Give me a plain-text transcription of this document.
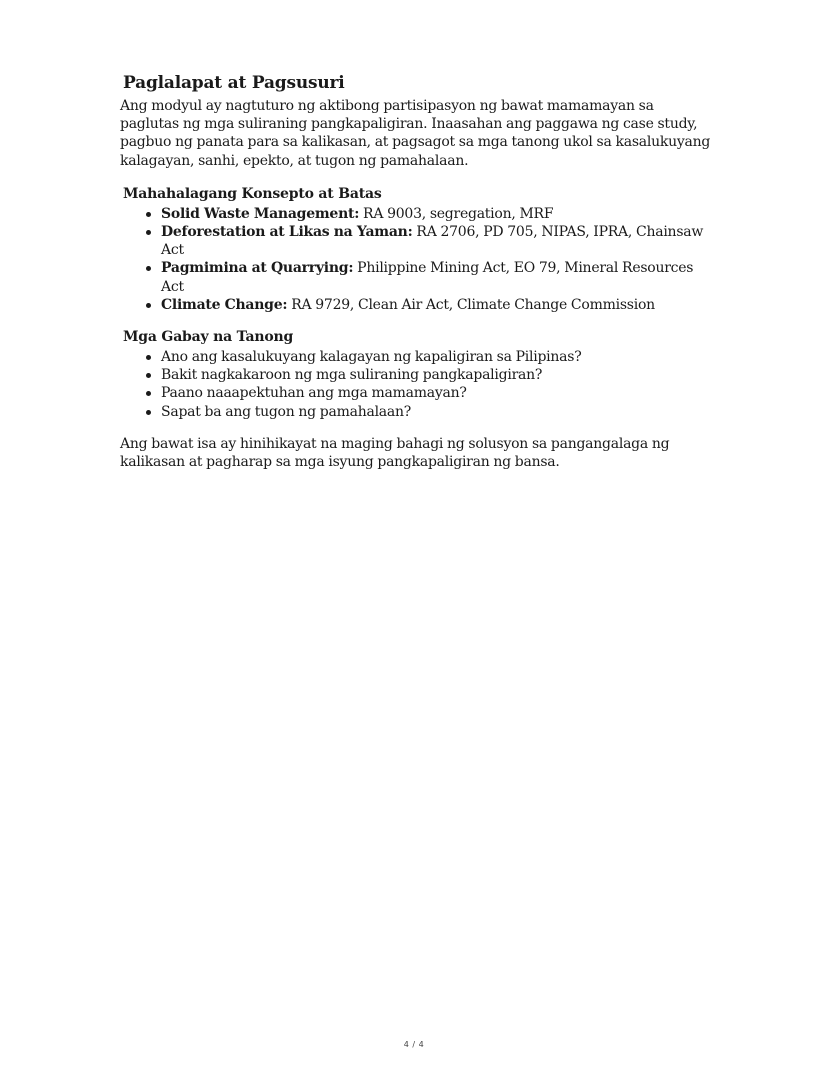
Paglalapat at Pagsusuri

Ang modyul ay nagtuturo ng aktibong partisipasyon ng bawat mamamayan sa paglutas ng mga suliraning pangkapaligiran. Inaasahan ang paggawa ng case study, pagbuo ng panata para sa kalikasan, at pagsagot sa mga tanong ukol sa kasalukuyang kalagayan, sanhi, epekto, at tugon ng pamahalaan.

Mahahalagang Konsepto at Batas
Solid Waste Management: RA 9003, segregation, MRF
Deforestation at Likas na Yaman: RA 2706, PD 705, NIPAS, IPRA, Chainsaw Act
Pagmimina at Quarrying: Philippine Mining Act, EO 79, Mineral Resources Act
Climate Change: RA 9729, Clean Air Act, Climate Change Commission
Mga Gabay na Tanong
Ano ang kasalukuyang kalagayan ng kapaligiran sa Pilipinas?
Bakit nagkakaroon ng mga suliraning pangkapaligiran?
Paano naaapektuhan ang mga mamamayan?
Sapat ba ang tugon ng pamahalaan?

Ang bawat isa ay hinihikayat na maging bahagi ng solusyon sa pangangalaga ng kalikasan at pagharap sa mga isyung pangkapaligiran ng bansa.

4 / 4
